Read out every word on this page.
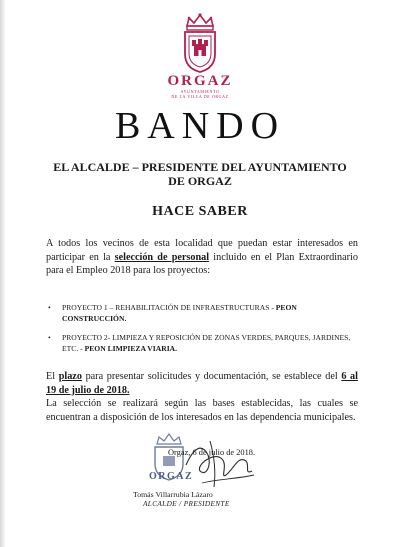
ORGAZ
AYUNTAMIENTO
DE LA VILLA DE ORGAZ
BANDO
EL ALCALDE – PRESIDENTE DEL AYUNTAMIENTO
DE ORGAZ
HACE SABER
A todos los vecinos de esta localidad que puedan estar interesados en participar en la selección de personal incluido en el Plan Extraordinario para el Empleo 2018 para los proyectos:
• PROYECTO 1 – REHABILITACIÓN DE INFRAESTRUCTURAS - PEON CONSTRUCCIÓN.
• PROYECTO 2- LIMPIEZA Y REPOSICIÓN DE ZONAS VERDES, PARQUES, JARDINES, ETC. - PEON LIMPIEZA VIARIA.
El plazo para presentar solicitudes y documentación, se establece del 6 al 19 de julio de 2018.
La selección se realizará según las bases establecidas, las cuales se encuentran a disposición de los interesados en las dependencia municipales.
Orgaz, 6 de julio de 2018.
ORGAZ
Tomás Villarrubia Lázaro
ALCALDE / PRESIDENTE
